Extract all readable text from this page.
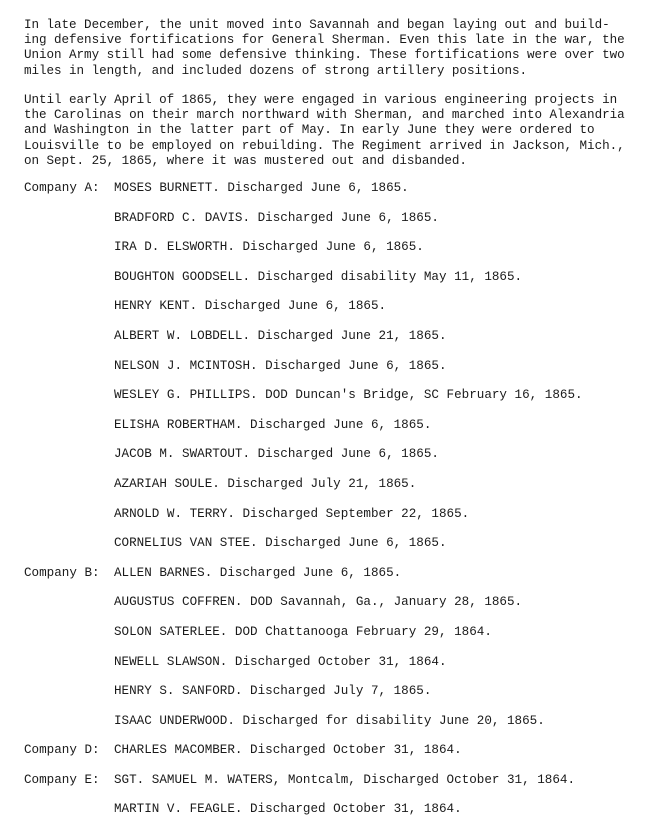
In late December, the unit moved into Savannah and began laying out and build-
ing defensive fortifications for General Sherman. Even this late in the war, the
Union Army still had some defensive thinking. These fortifications were over two
miles in length, and included dozens of strong artillery positions.
Until early April of 1865, they were engaged in various engineering projects in
the Carolinas on their march northward with Sherman, and marched into Alexandria
and Washington in the latter part of May. In early June they were ordered to
Louisville to be employed on rebuilding. The Regiment arrived in Jackson, Mich.,
on Sept. 25, 1865, where it was mustered out and disbanded.
Company A: MOSES BURNETT. Discharged June 6, 1865.
BRADFORD C. DAVIS. Discharged June 6, 1865.
IRA D. ELSWORTH. Discharged June 6, 1865.
BOUGHTON GOODSELL. Discharged disability May 11, 1865.
HENRY KENT. Discharged June 6, 1865.
ALBERT W. LOBDELL. Discharged June 21, 1865.
NELSON J. MCINTOSH. Discharged June 6, 1865.
WESLEY G. PHILLIPS. DOD Duncan's Bridge, SC February 16, 1865.
ELISHA ROBERTHAM. Discharged June 6, 1865.
JACOB M. SWARTOUT. Discharged June 6, 1865.
AZARIAH SOULE. Discharged July 21, 1865.
ARNOLD W. TERRY. Discharged September 22, 1865.
CORNELIUS VAN STEE. Discharged June 6, 1865.
Company B: ALLEN BARNES. Discharged June 6, 1865.
AUGUSTUS COFFREN. DOD Savannah, Ga., January 28, 1865.
SOLON SATERLEE. DOD Chattanooga February 29, 1864.
NEWELL SLAWSON. Discharged October 31, 1864.
HENRY S. SANFORD. Discharged July 7, 1865.
ISAAC UNDERWOOD. Discharged for disability June 20, 1865.
Company D: CHARLES MACOMBER. Discharged October 31, 1864.
Company E: SGT. SAMUEL M. WATERS, Montcalm, Discharged October 31, 1864.
MARTIN V. FEAGLE. Discharged October 31, 1864.
